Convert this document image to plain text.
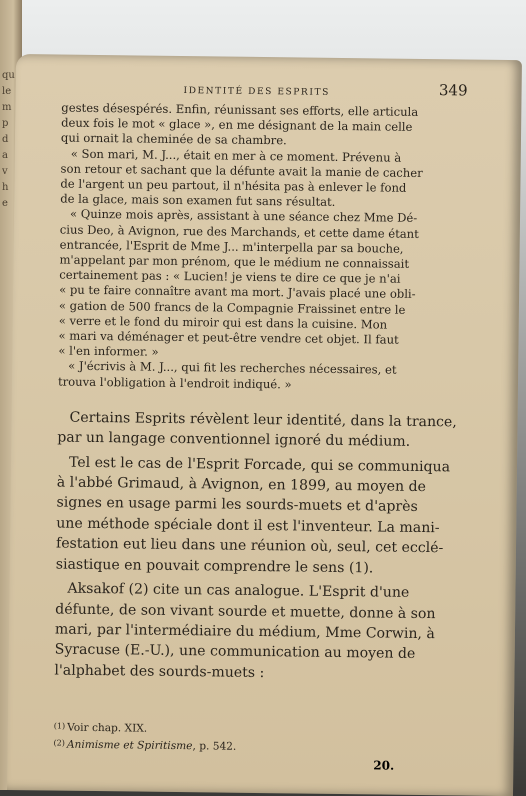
qu
le
m
p
d
a
v
h
e
IDENTITÉ DES ESPRITS	349

gestes désespérés. Enfin, réunissant ses efforts, elle articula

deux fois le mot « glace », en me désignant de la main celle

qui ornait la cheminée de sa chambre.

« Son mari, M. J..., était en mer à ce moment. Prévenu à

son retour et sachant que la défunte avait la manie de cacher

de l'argent un peu partout, il n'hésita pas à enlever le fond

de la glace, mais son examen fut sans résultat.

« Quinze mois après, assistant à une séance chez Mme Dé-

cius Deo, à Avignon, rue des Marchands, et cette dame étant

entrancée, l'Esprit de Mme J... m'interpella par sa bouche,

m'appelant par mon prénom, que le médium ne connaissait

certainement pas : « Lucien! je viens te dire ce que je n'ai

« pu te faire connaître avant ma mort. J'avais placé une obli-

« gation de 500 francs de la Compagnie Fraissinet entre le

« verre et le fond du miroir qui est dans la cuisine. Mon

« mari va déménager et peut-être vendre cet objet. Il faut

« l'en informer. »

« J'écrivis à M. J..., qui fit les recherches nécessaires, et

trouva l'obligation à l'endroit indiqué. »

Certains Esprits révèlent leur identité, dans la trance,

par un langage conventionnel ignoré du médium.

Tel est le cas de l'Esprit Forcade, qui se communiqua

à l'abbé Grimaud, à Avignon, en 1899, au moyen de

signes en usage parmi les sourds-muets et d'après

une méthode spéciale dont il est l'inventeur. La mani-

festation eut lieu dans une réunion où, seul, cet ecclé-

siastique en pouvait comprendre le sens (1).

Aksakof (2) cite un cas analogue. L'Esprit d'une

défunte, de son vivant sourde et muette, donne à son

mari, par l'intermédiaire du médium, Mme Corwin, à

Syracuse (E.-U.), une communication au moyen de

l'alphabet des sourds-muets :

(1) Voir chap. XIX.

(2) Animisme et Spiritisme, p. 542.

20.
